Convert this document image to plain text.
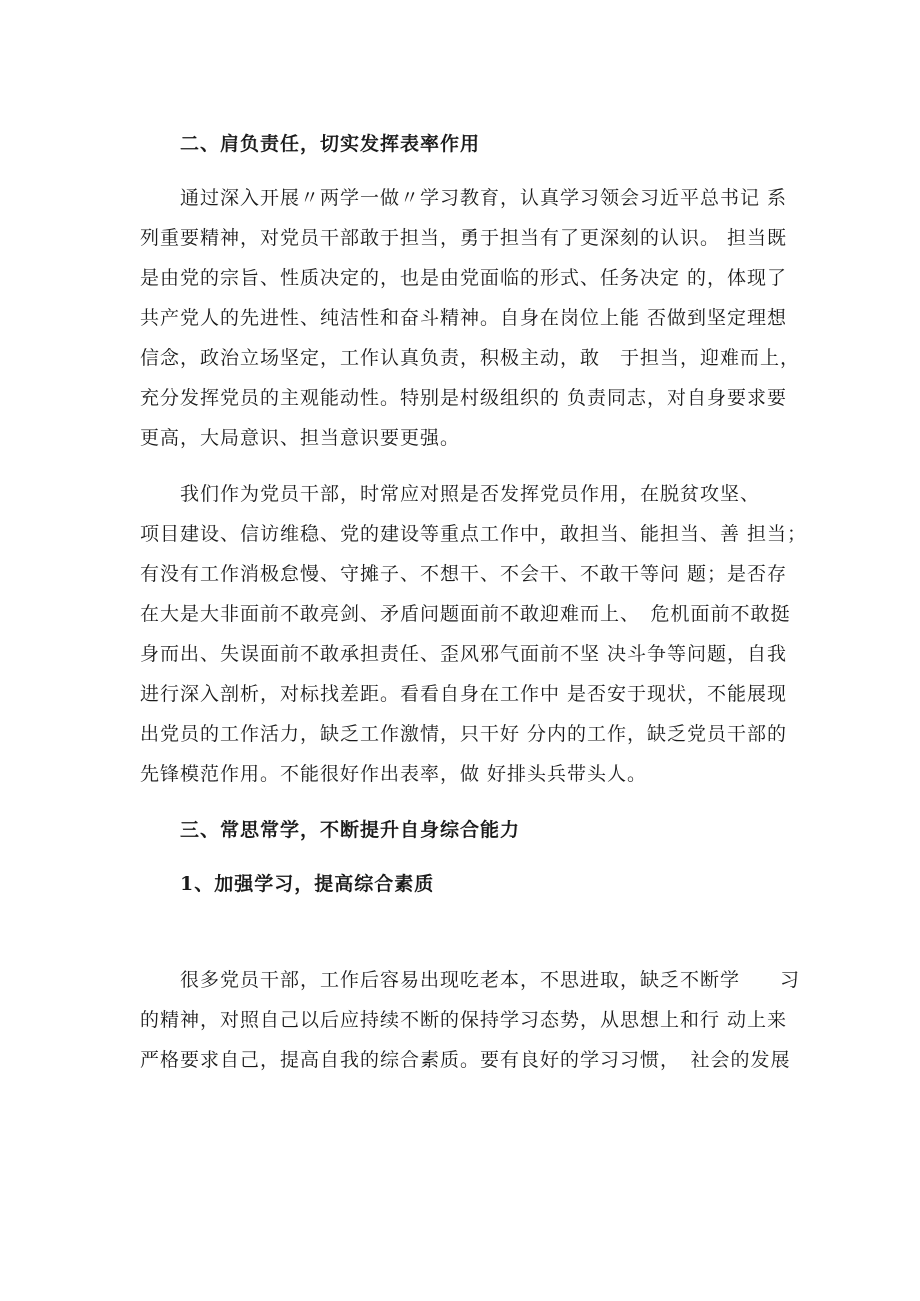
二、肩负责任，切实发挥表率作用
通过深入开展〃两学一做〃学习教育，认真学习领会习近平总书记 系
列重要精神，对党员干部敢于担当，勇于担当有了更深刻的认识。 担当既
是由党的宗旨、性质决定的，也是由党面临的形式、任务决定 的，体现了
共产党人的先进性、纯洁性和奋斗精神。自身在岗位上能 否做到坚定理想
信念，政治立场坚定，工作认真负责，积极主动，敢　于担当，迎难而上，
充分发挥党员的主观能动性。特别是村级组织的 负责同志，对自身要求要
更高，大局意识、担当意识要更强。
我们作为党员干部，时常应对照是否发挥党员作用，在脱贫攻坚、
项目建设、信访维稳、党的建设等重点工作中，敢担当、能担当、善 担当；
有没有工作消极怠慢、守摊子、不想干、不会干、不敢干等问 题；是否存
在大是大非面前不敢亮剑、矛盾问题面前不敢迎难而上、　危机面前不敢挺
身而出、失误面前不敢承担责任、歪风邪气面前不坚 决斗争等问题，自我
进行深入剖析，对标找差距。看看自身在工作中 是否安于现状，不能展现
出党员的工作活力，缺乏工作激情，只干好 分内的工作，缺乏党员干部的
先锋模范作用。不能很好作出表率，做 好排头兵带头人。
三、常思常学，不断提升自身综合能力
1、加强学习，提高综合素质
很多党员干部，工作后容易出现吃老本，不思进取，缺乏不断学　　习
的精神，对照自己以后应持续不断的保持学习态势，从思想上和行 动上来
严格要求自己，提高自我的综合素质。要有良好的学习习惯，　社会的发展
